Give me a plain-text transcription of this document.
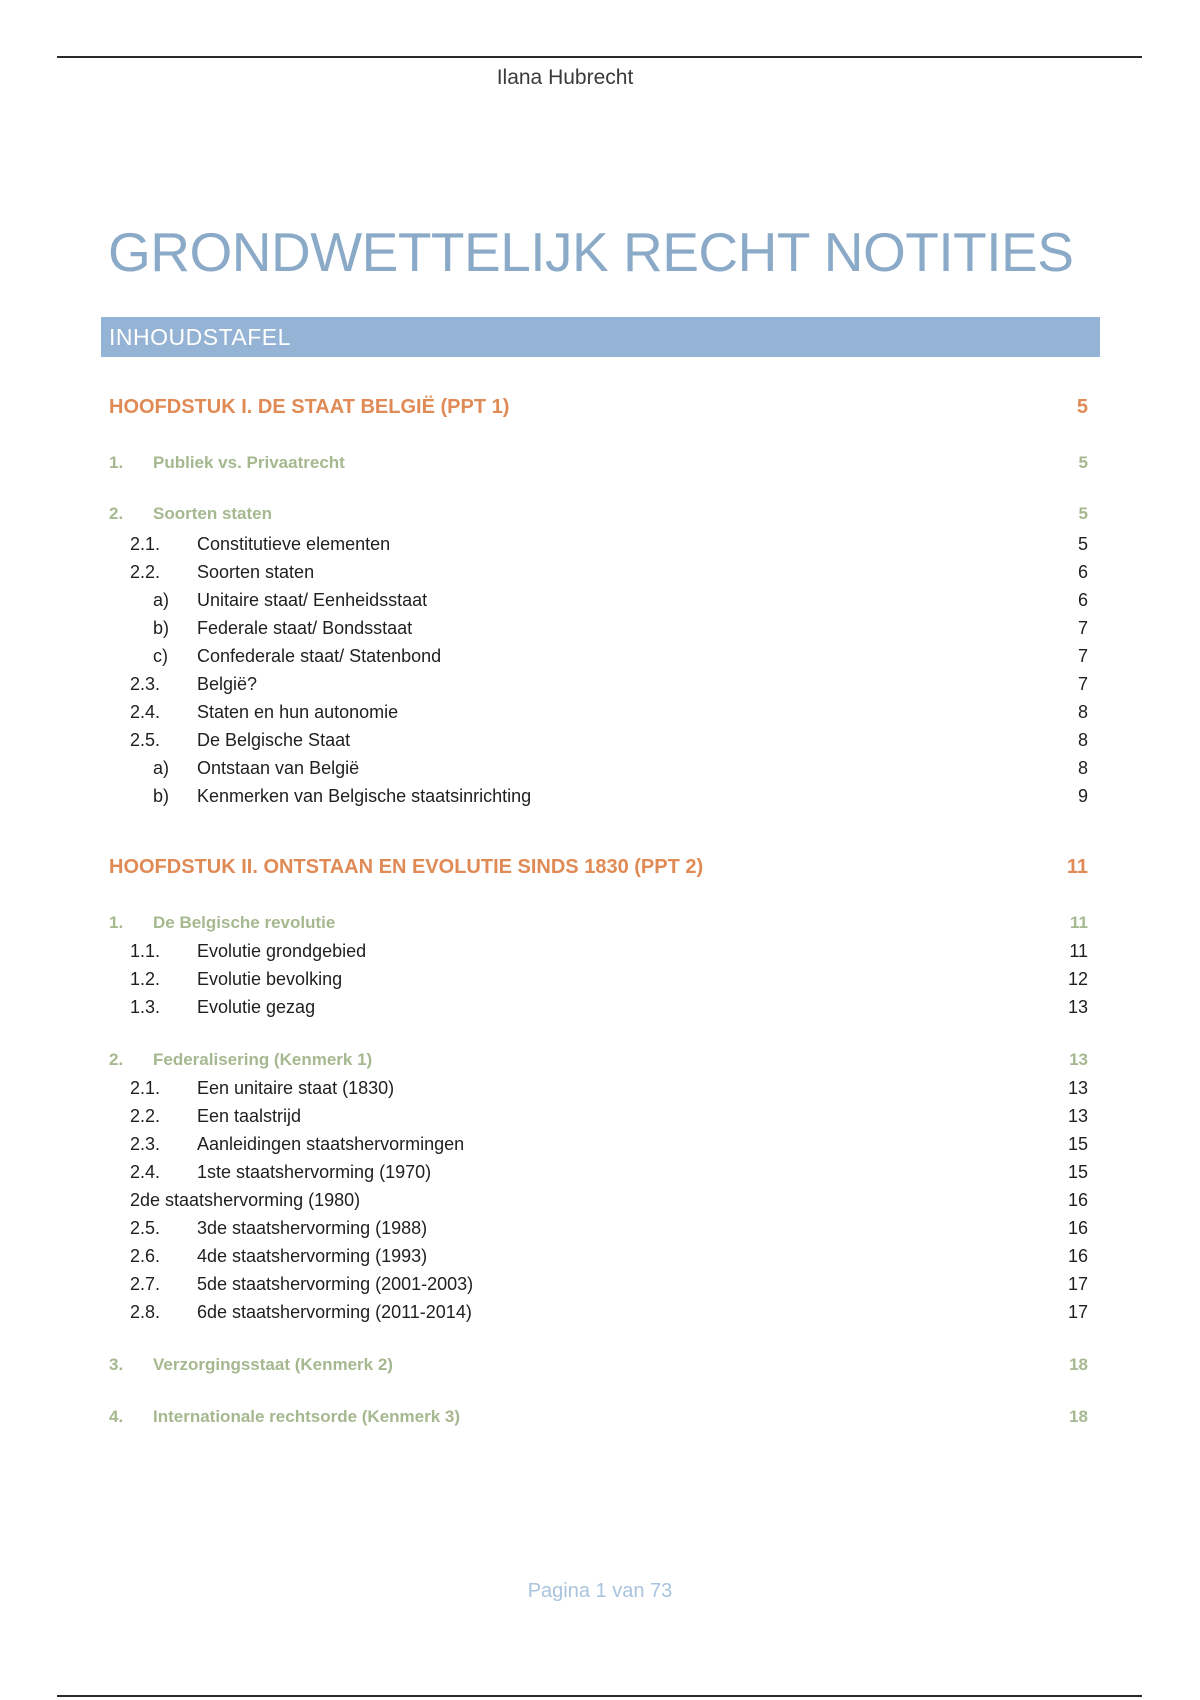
Ilana Hubrecht
GRONDWETTELIJK RECHT NOTITIES
INHOUDSTAFEL
HOOFDSTUK I. DE STAAT BELGIË (PPT 1)	5
1. Publiek vs. Privaatrecht	5
2. Soorten staten	5
2.1. Constitutieve elementen	5
2.2. Soorten staten	6
a) Unitaire staat/ Eenheidsstaat	6
b) Federale staat/ Bondsstaat	7
c) Confederale staat/ Statenbond	7
2.3. België?	7
2.4. Staten en hun autonomie	8
2.5. De Belgische Staat	8
a) Ontstaan van België	8
b) Kenmerken van Belgische staatsinrichting	9
HOOFDSTUK II. ONTSTAAN EN EVOLUTIE SINDS 1830 (PPT 2)	11
1. De Belgische revolutie	11
1.1. Evolutie grondgebied	11
1.2. Evolutie bevolking	12
1.3. Evolutie gezag	13
2. Federalisering (Kenmerk 1)	13
2.1. Een unitaire staat (1830)	13
2.2. Een taalstrijd	13
2.3. Aanleidingen staatshervormingen	15
2.4. 1ste staatshervorming (1970)	15
2de staatshervorming (1980)	16
2.5. 3de staatshervorming (1988)	16
2.6. 4de staatshervorming (1993)	16
2.7. 5de staatshervorming (2001-2003)	17
2.8. 6de staatshervorming (2011-2014)	17
3. Verzorgingsstaat (Kenmerk 2)	18
4. Internationale rechtsorde (Kenmerk 3)	18
Pagina 1 van 73
